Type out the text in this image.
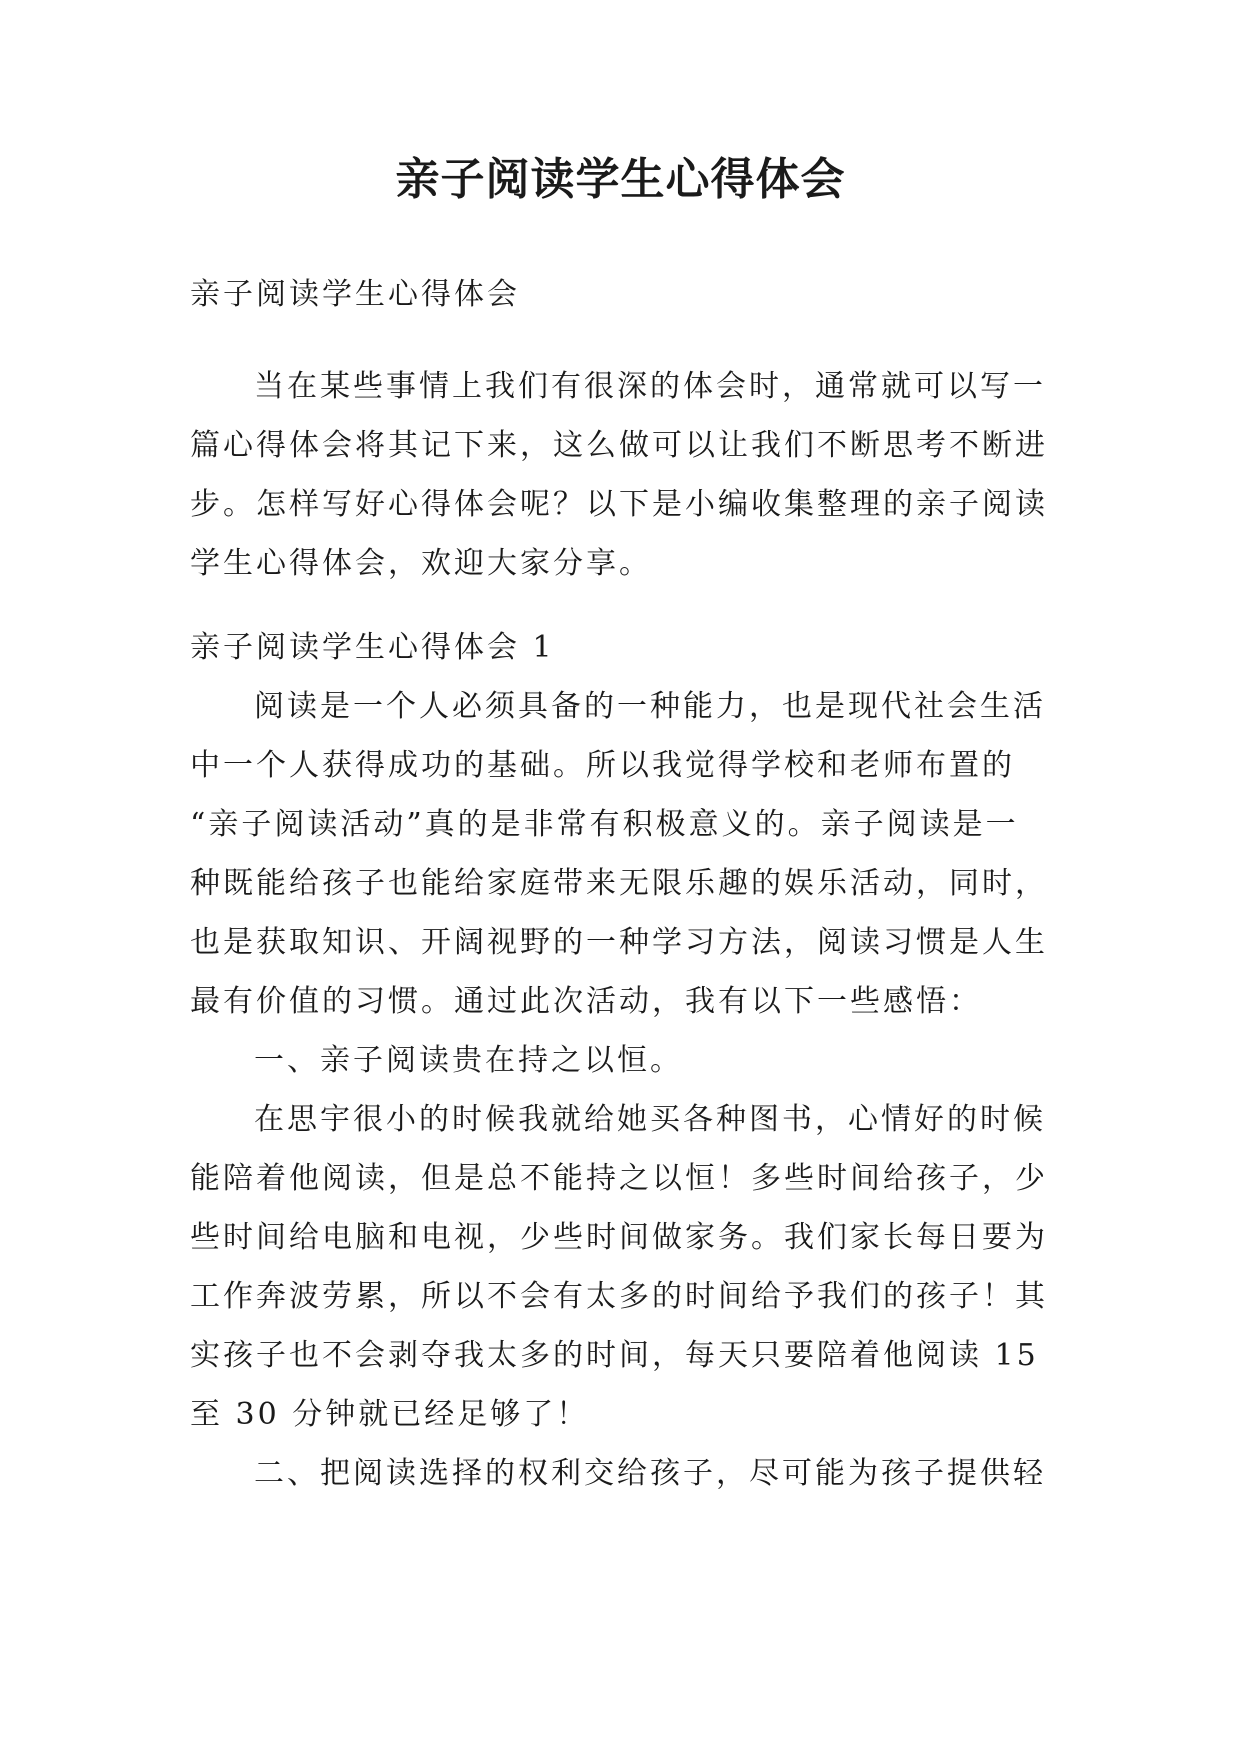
亲子阅读学生心得体会

亲子阅读学生心得体会

当在某些事情上我们有很深的体会时，通常就可以写一

篇心得体会将其记下来，这么做可以让我们不断思考不断进

步。怎样写好心得体会呢？以下是小编收集整理的亲子阅读

学生心得体会，欢迎大家分享。

亲子阅读学生心得体会 1

阅读是一个人必须具备的一种能力，也是现代社会生活

中一个人获得成功的基础。所以我觉得学校和老师布置的

“亲子阅读活动”真的是非常有积极意义的。亲子阅读是一

种既能给孩子也能给家庭带来无限乐趣的娱乐活动，同时，

也是获取知识、开阔视野的一种学习方法，阅读习惯是人生

最有价值的习惯。通过此次活动，我有以下一些感悟：

一、亲子阅读贵在持之以恒。

在思宇很小的时候我就给她买各种图书，心情好的时候

能陪着他阅读，但是总不能持之以恒！多些时间给孩子，少

些时间给电脑和电视，少些时间做家务。我们家长每日要为

工作奔波劳累，所以不会有太多的时间给予我们的孩子！其

实孩子也不会剥夺我太多的时间，每天只要陪着他阅读 15

至 30 分钟就已经足够了！

二、把阅读选择的权利交给孩子，尽可能为孩子提供轻
